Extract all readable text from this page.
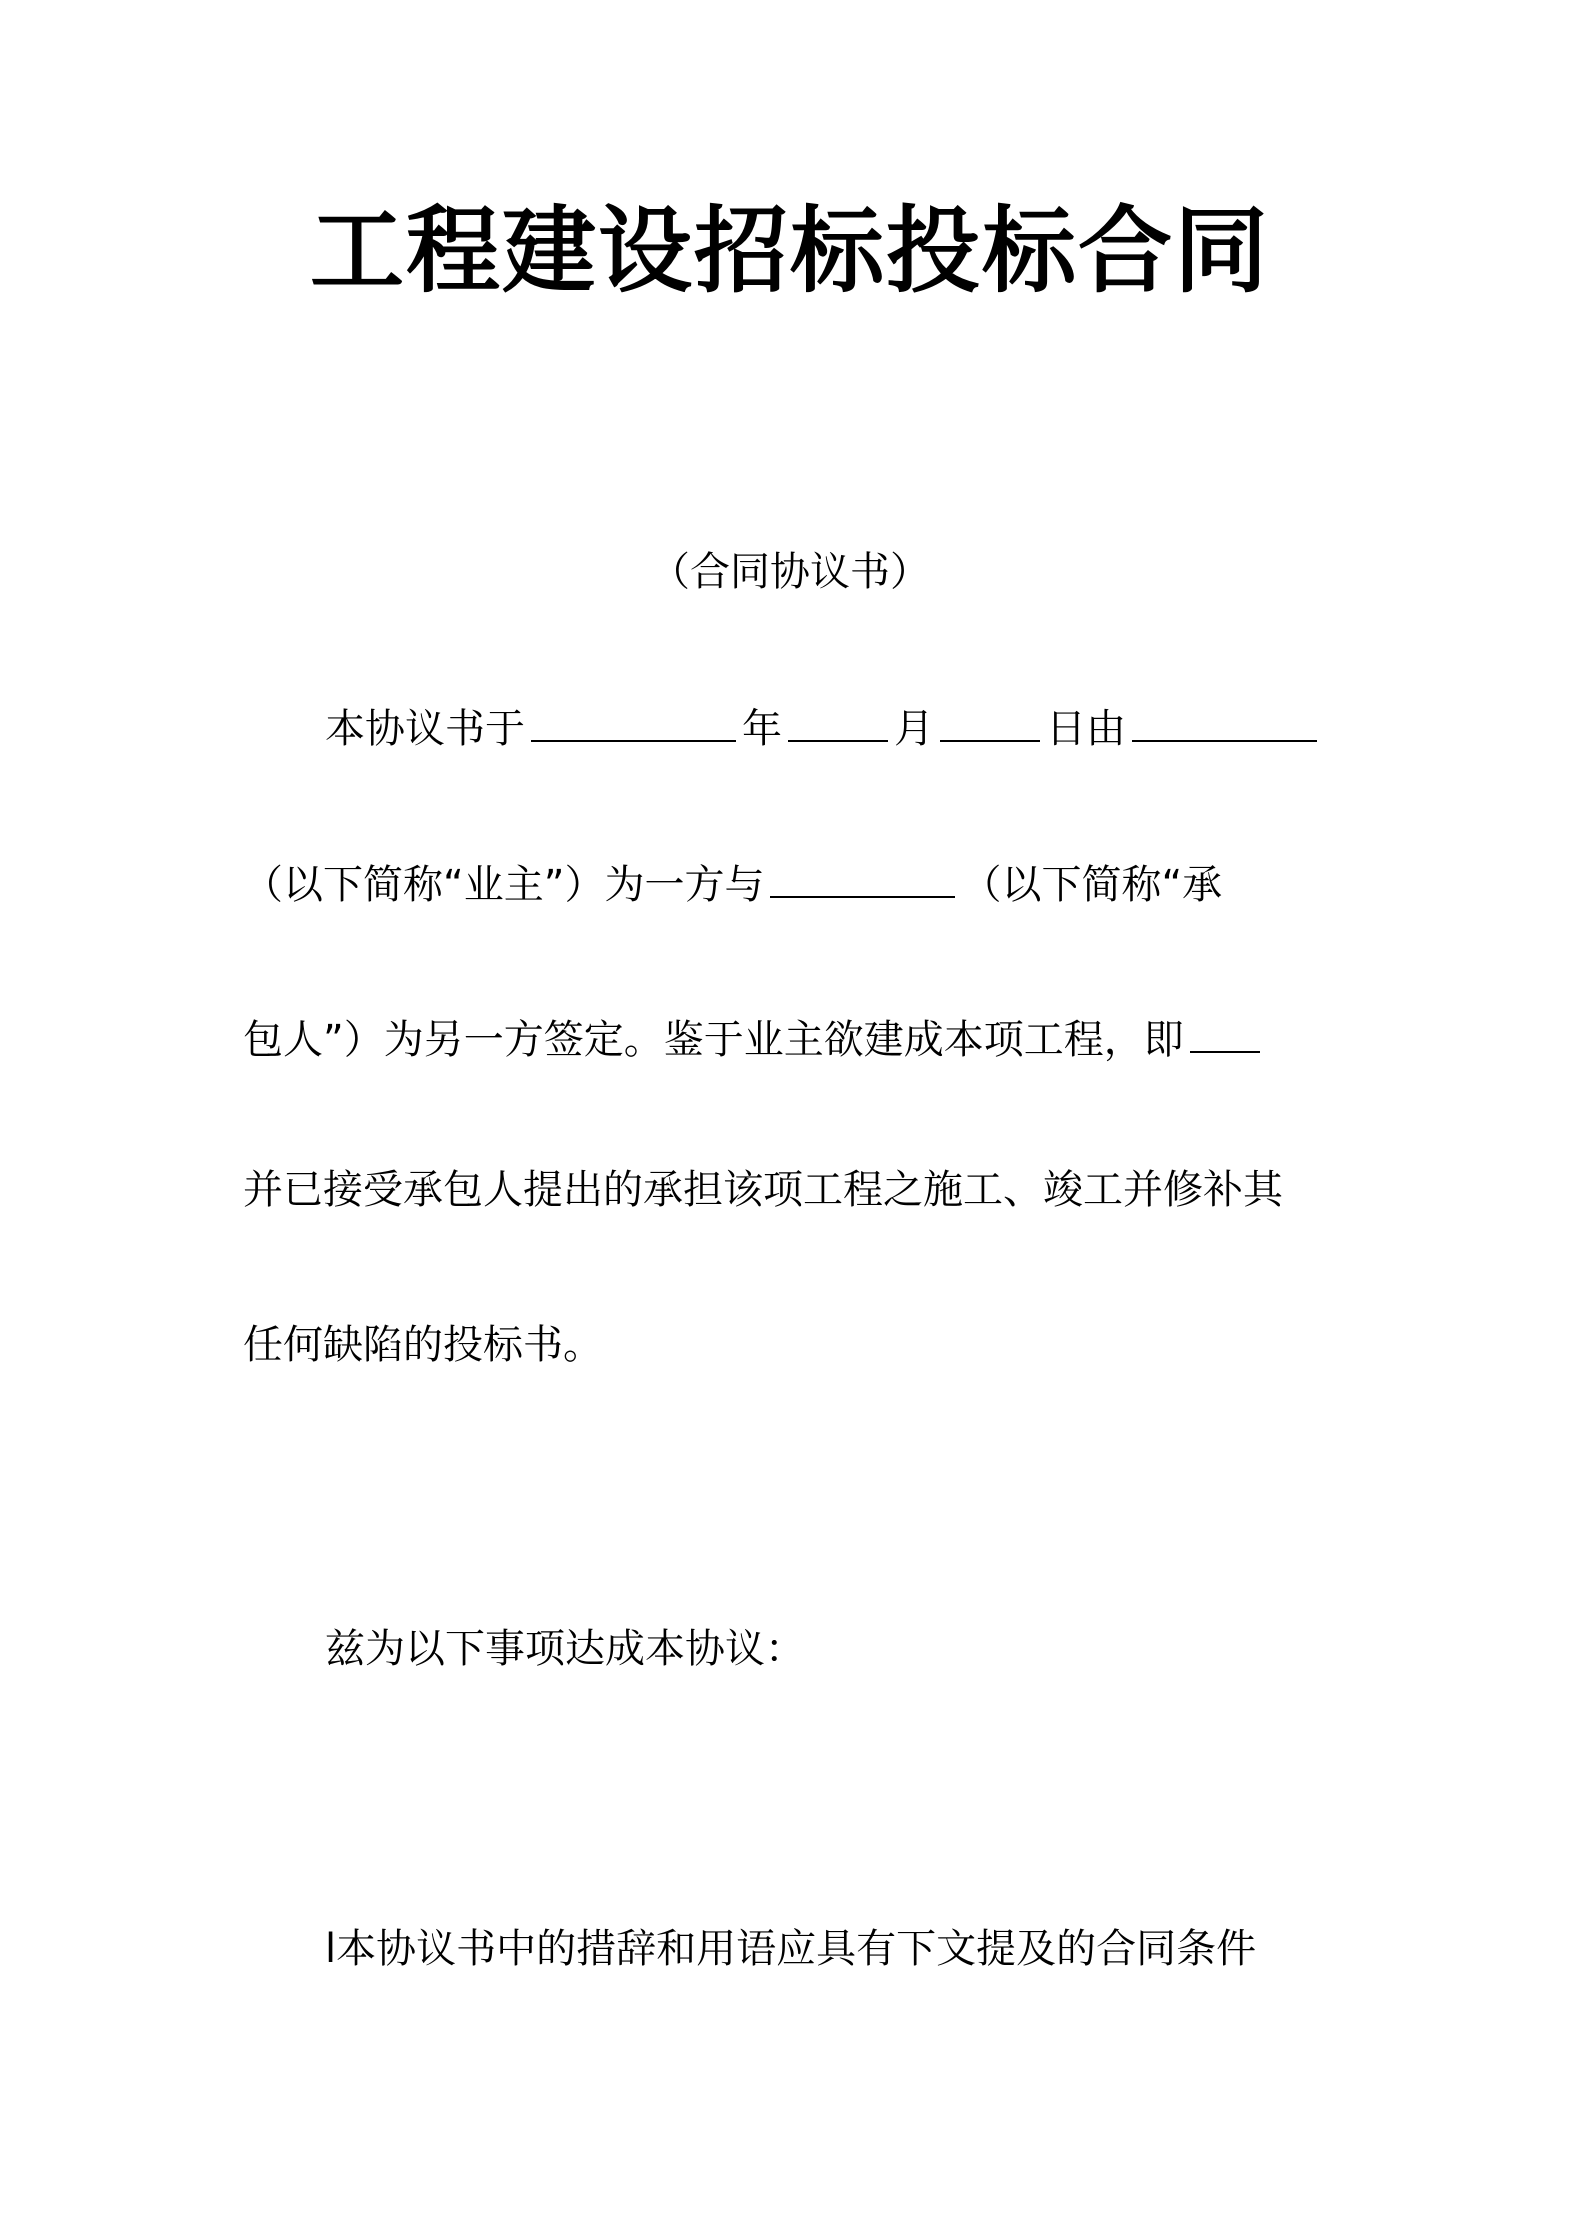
工程建设招标投标合同
（合同协议书）
本协议书于	年	月	日由
（以下简称“业主”）为一方与	（以下简称“承
包人”）为另一方签定。鉴于业主欲建成本项工程，即
并已接受承包人提出的承担该项工程之施工、竣工并修补其
任何缺陷的投标书。
兹为以下事项达成本协议：
l本协议书中的措辞和用语应具有下文提及的合同条件
